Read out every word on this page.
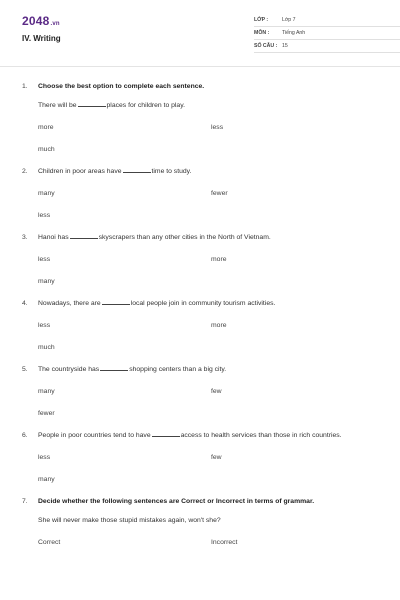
2048.vn
IV. Writing
LỚP :	Lớp 7
MÔN :	Tiếng Anh
SỐ CÂU : 15
1.	Choose the best option to complete each sentence.
There will be	places for children to play.
more	less
much
2.	Children in poor areas have	time to study.
many	fewer
less
3.	Hanoi has	skyscrapers than any other cities in the North of Vietnam.
less	more
many
4.	Nowadays, there are	local people join in community tourism activities.
less	more
much
5.	The countryside has	shopping centers than a big city.
many	few
fewer
6.	People in poor countries tend to have	access to health services than those in rich countries.
less	few
many
7.	Decide whether the following sentences are Correct or Incorrect in terms of grammar.
She will never make those stupid mistakes again, won't she?
Correct	Incorrect
